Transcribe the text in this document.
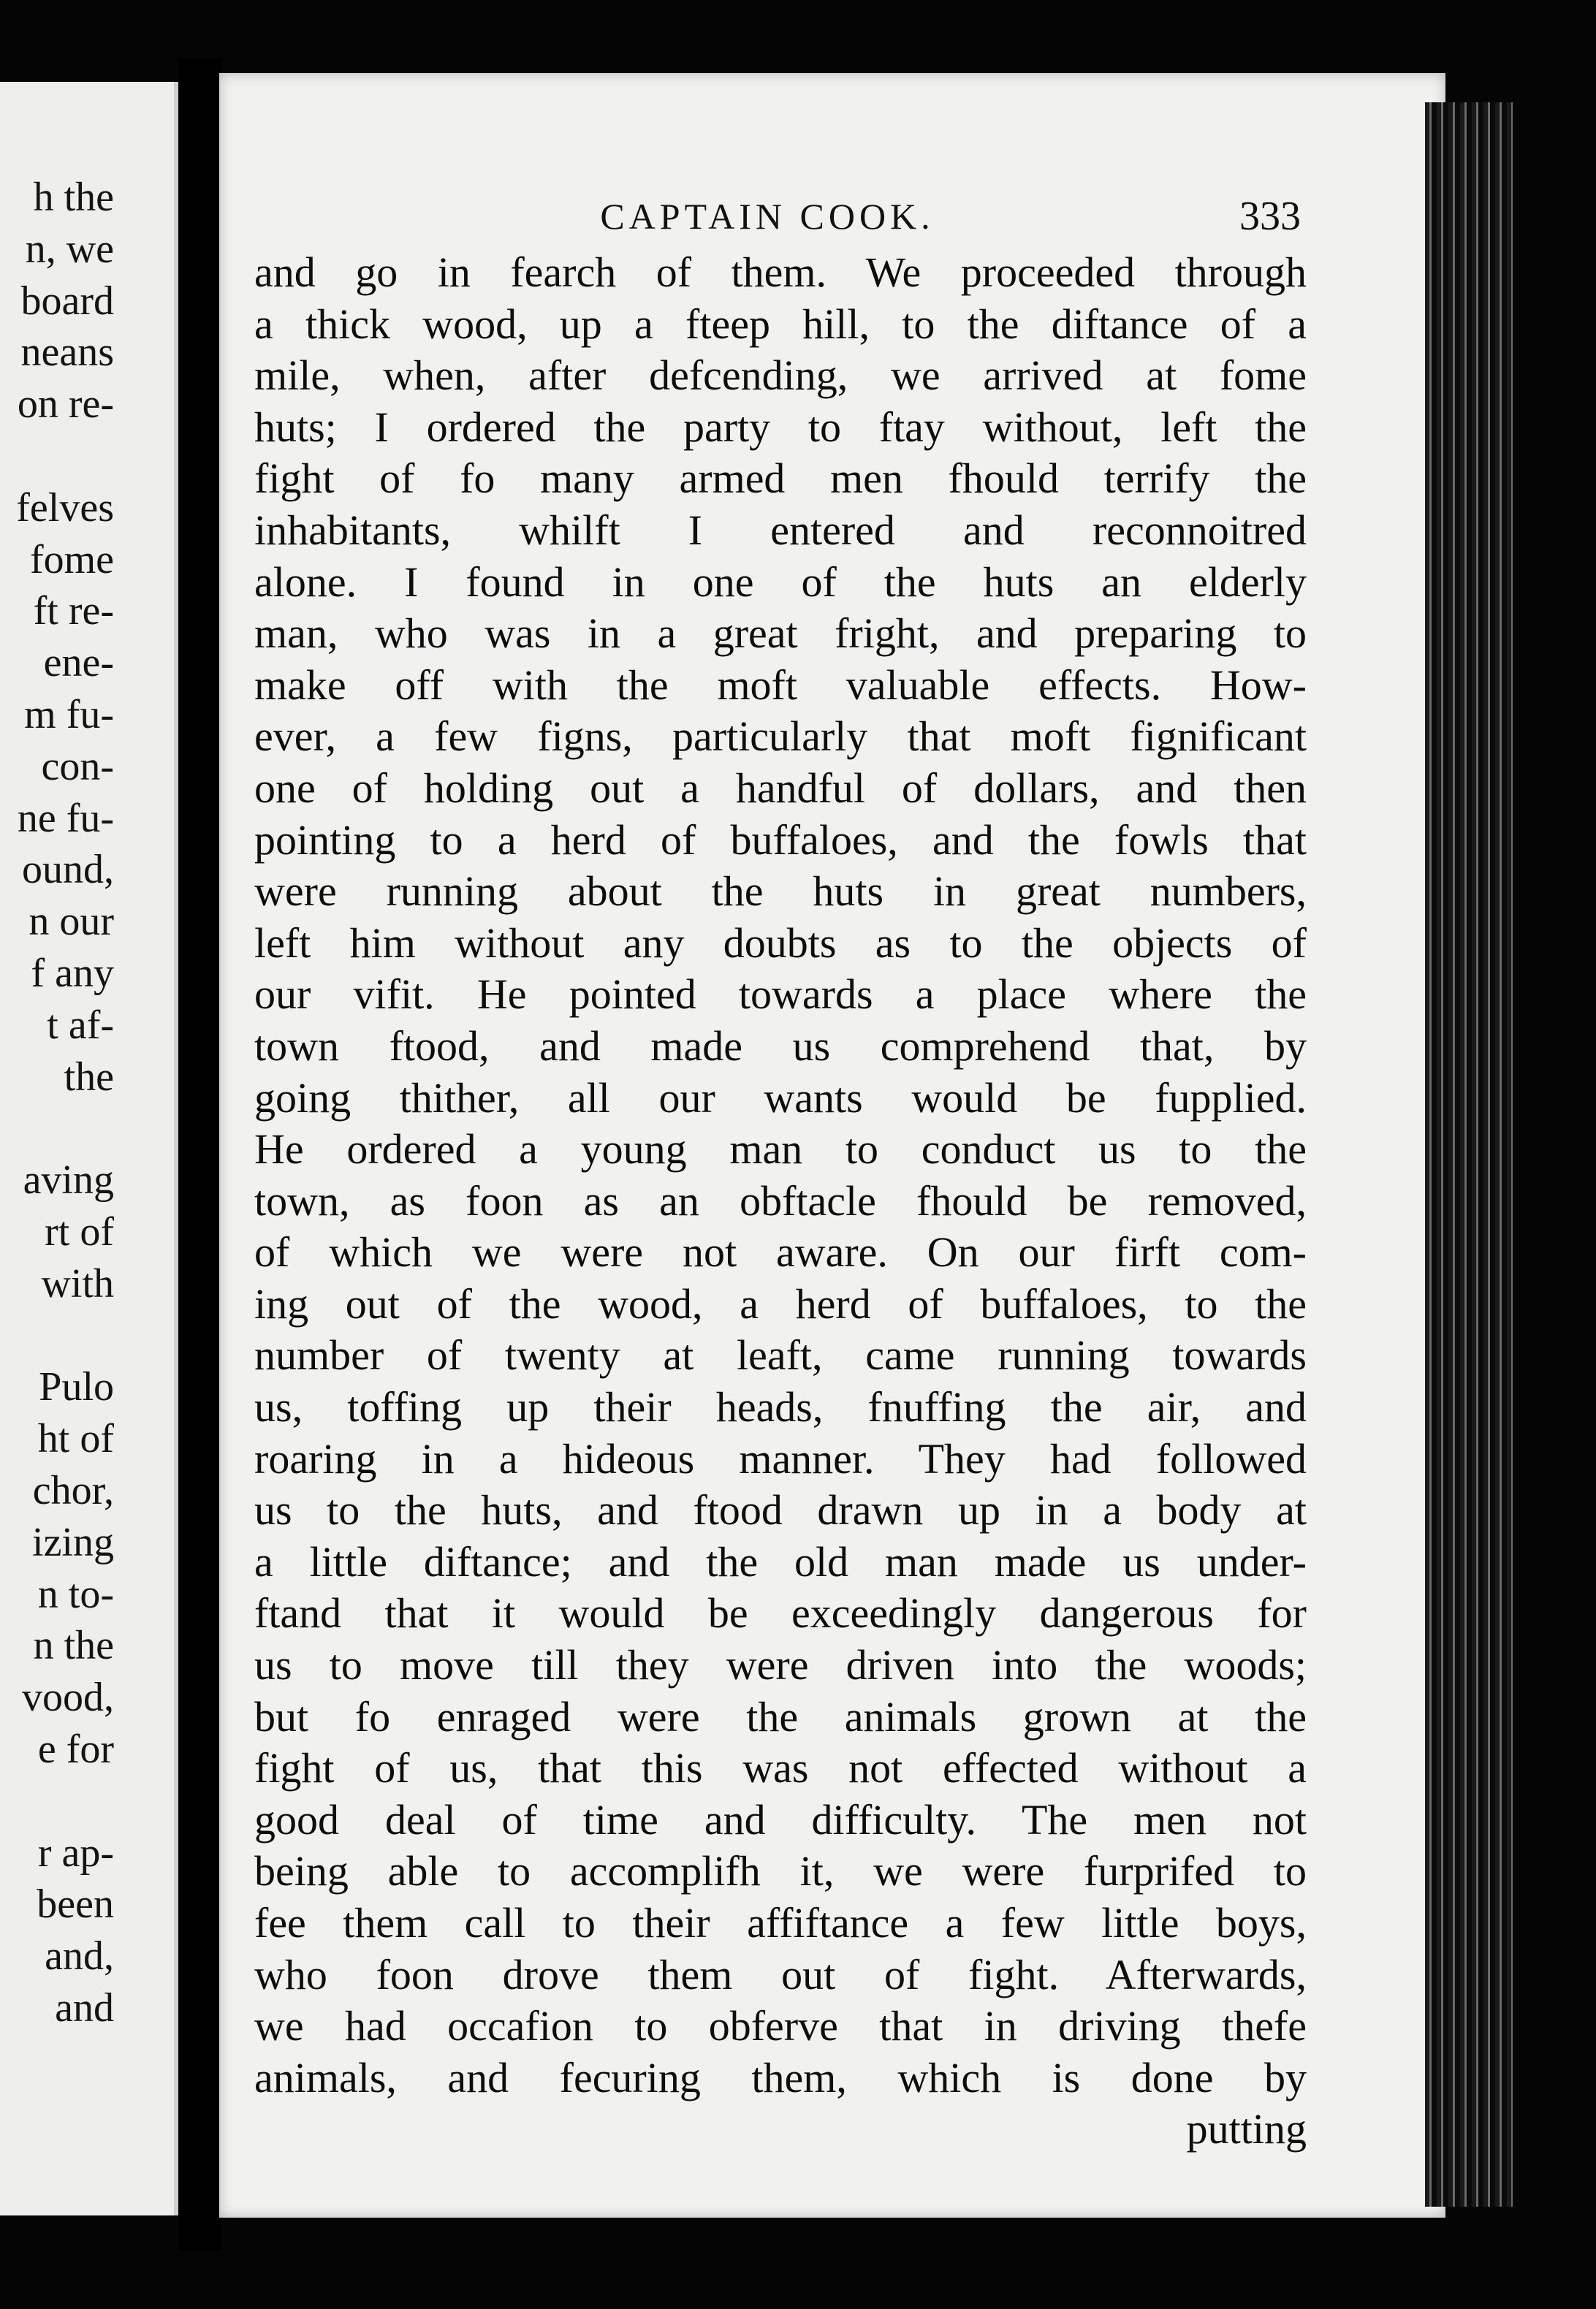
h the
n, we
board
neans
on re-
felves
fome
ft re-
ene-
m fu-
con-
ne fu-
ound,
n our
f any
t af-
the
aving
rt of
with
Pulo
ht of
chor,
izing
n to-
n the
vood,
e for
r ap-
been
and,
and
CAPTAIN COOK.	333
and go in fearch of them. We proceeded through
a thick wood, up a fteep hill, to the diftance of a
mile, when, after defcending, we arrived at fome
huts; I ordered the party to ftay without, left the
fight of fo many armed men fhould terrify the
inhabitants, whilft I entered and reconnoitred
alone. I found in one of the huts an elderly
man, who was in a great fright, and preparing to
make off with the moft valuable effects. How-
ever, a few figns, particularly that moft fignificant
one of holding out a handful of dollars, and then
pointing to a herd of buffaloes, and the fowls that
were running about the huts in great numbers,
left him without any doubts as to the objects of
our vifit. He pointed towards a place where the
town ftood, and made us comprehend that, by
going thither, all our wants would be fupplied.
He ordered a young man to conduct us to the
town, as foon as an obftacle fhould be removed,
of which we were not aware. On our firft com-
ing out of the wood, a herd of buffaloes, to the
number of twenty at leaft, came running towards
us, toffing up their heads, fnuffing the air, and
roaring in a hideous manner. They had followed
us to the huts, and ftood drawn up in a body at
a little diftance; and the old man made us under-
ftand that it would be exceedingly dangerous for
us to move till they were driven into the woods;
but fo enraged were the animals grown at the
fight of us, that this was not effected without a
good deal of time and difficulty. The men not
being able to accomplifh it, we were furprifed to
fee them call to their affiftance a few little boys,
who foon drove them out of fight. Afterwards,
we had occafion to obferve that in driving thefe
animals, and fecuring them, which is done by
putting
